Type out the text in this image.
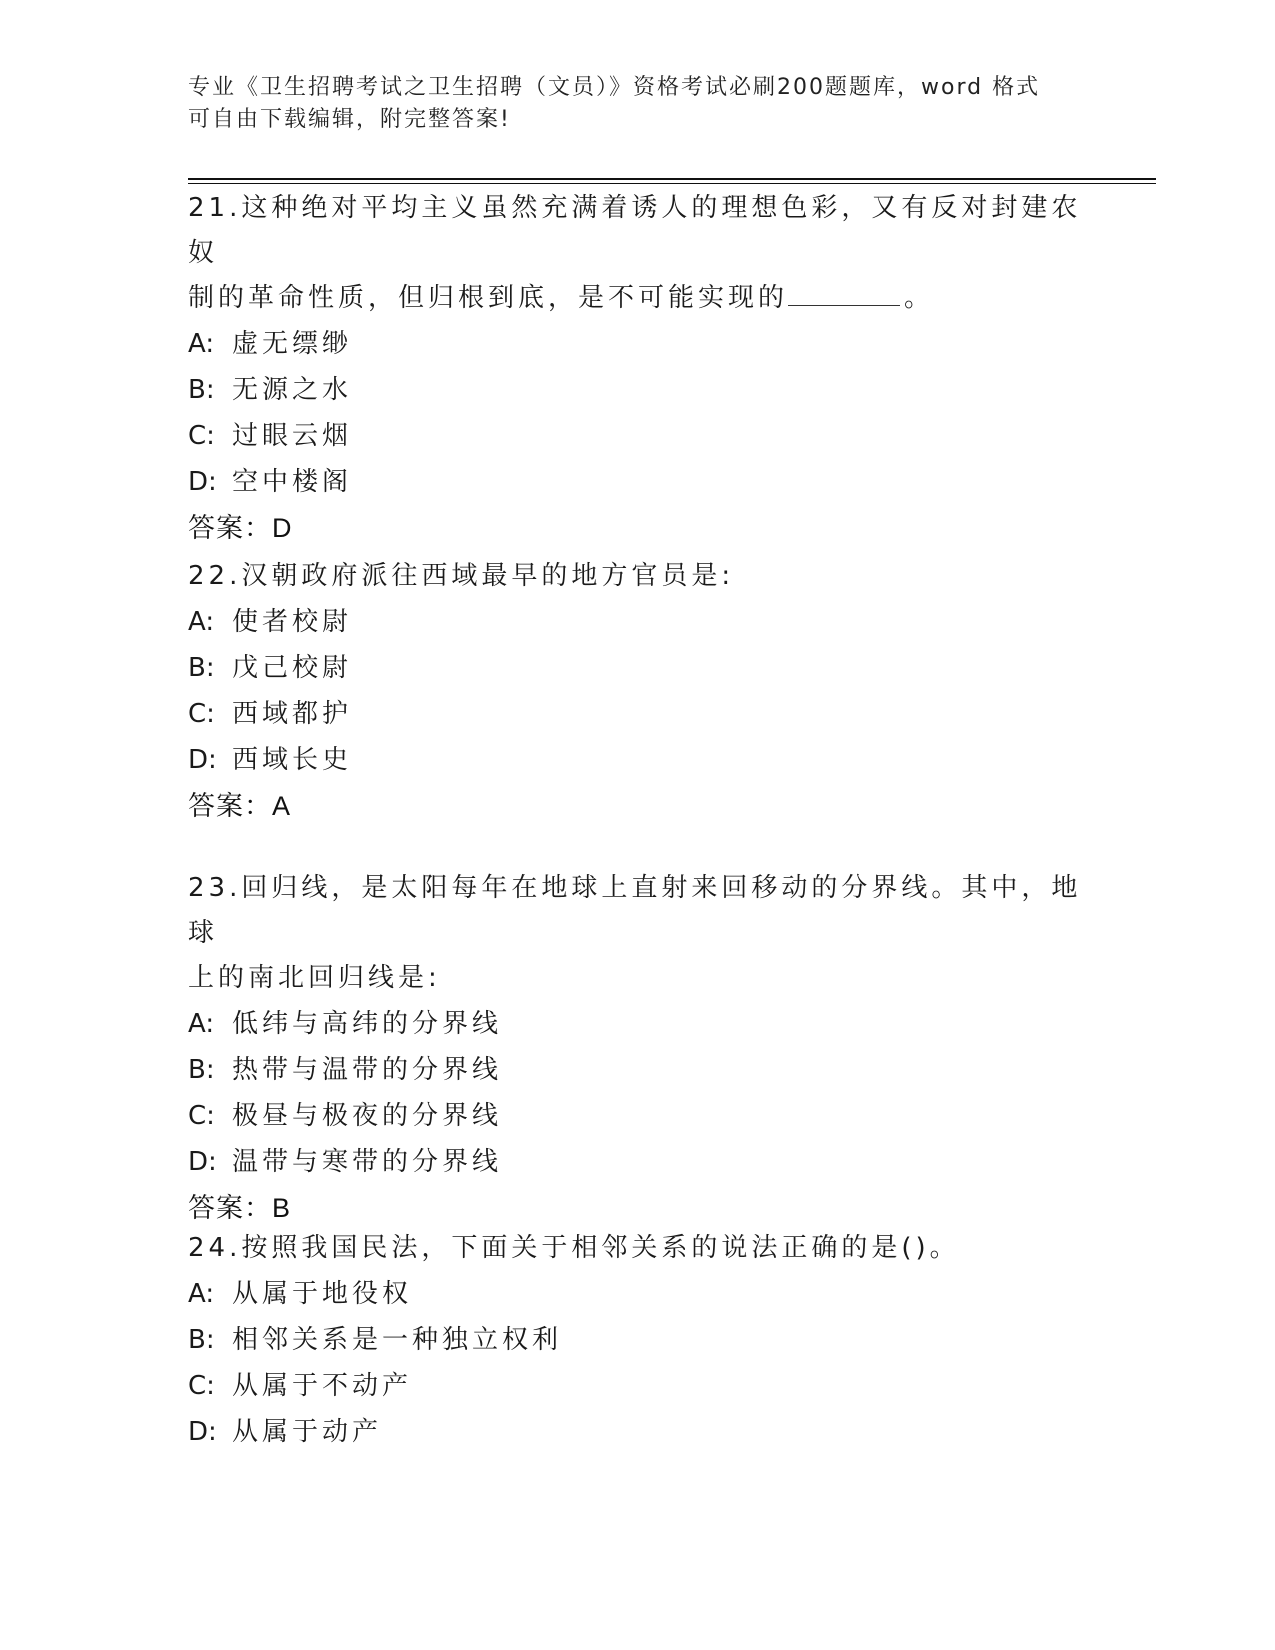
专业《卫生招聘考试之卫生招聘（文员）》资格考试必刷200题题库，word 格式
可自由下载编辑，附完整答案!
21.这种绝对平均主义虽然充满着诱人的理想色彩，又有反对封建农奴
制的革命性质，但归根到底，是不可能实现的	。
A: 虚无缥缈
B: 无源之水
C: 过眼云烟
D: 空中楼阁
答案：D
22.汉朝政府派往西域最早的地方官员是:
A: 使者校尉
B: 戊己校尉
C: 西域都护
D: 西域长史
答案：A
23.回归线，是太阳每年在地球上直射来回移动的分界线。其中，地球
上的南北回归线是:
A: 低纬与高纬的分界线
B: 热带与温带的分界线
C: 极昼与极夜的分界线
D: 温带与寒带的分界线
答案：B
24.按照我国民法，下面关于相邻关系的说法正确的是()。
A: 从属于地役权
B: 相邻关系是一种独立权利
C: 从属于不动产
D: 从属于动产
